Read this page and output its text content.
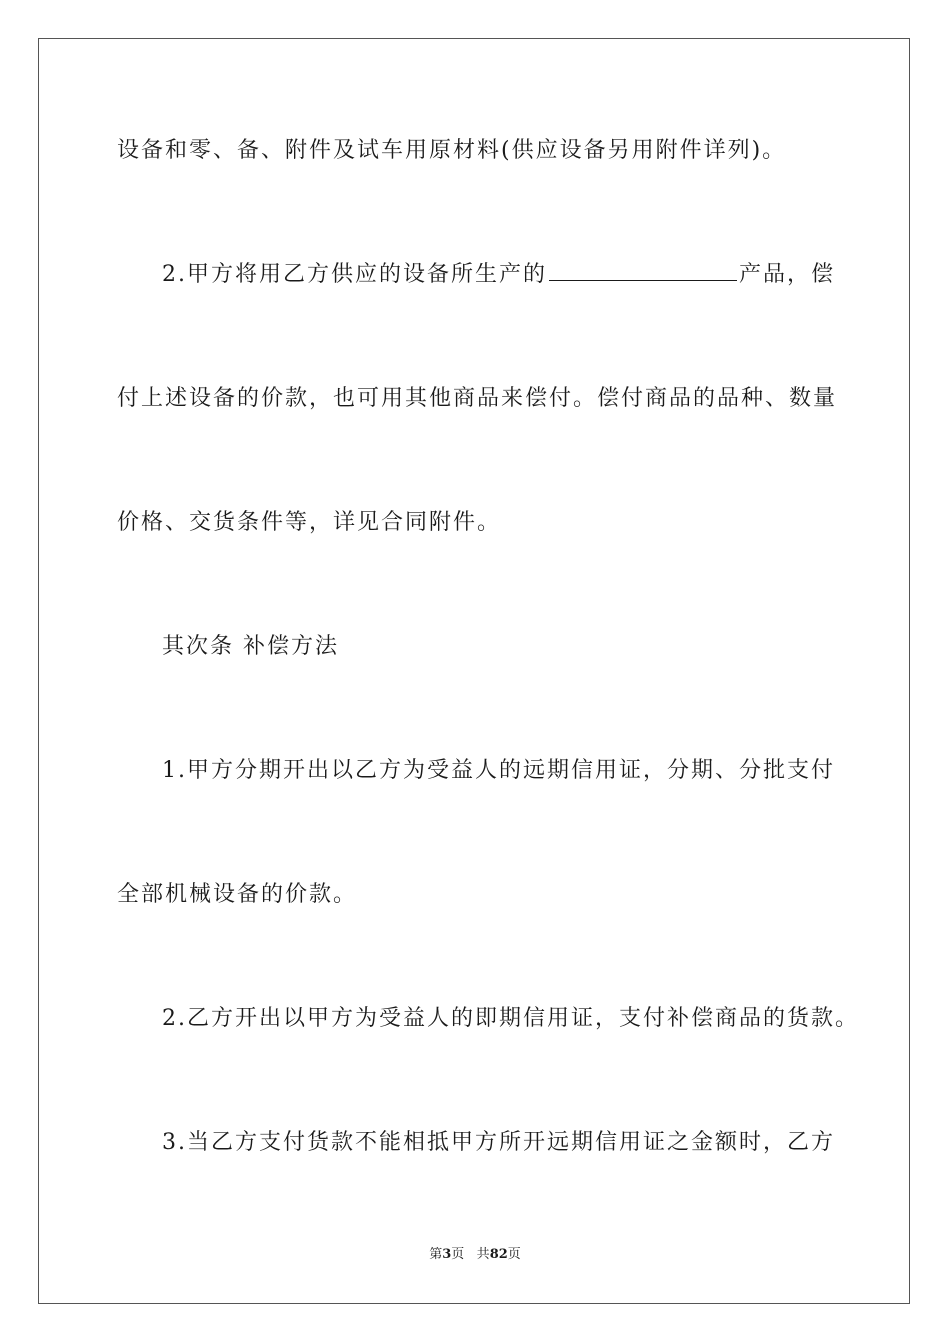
设备和零、备、附件及试车用原材料(供应设备另用附件详列)。
2.甲方将用乙方供应的设备所生产的	产品，偿
付上述设备的价款，也可用其他商品来偿付。偿付商品的品种、数量
价格、交货条件等，详见合同附件。
其次条 补偿方法
1.甲方分期开出以乙方为受益人的远期信用证，分期、分批支付
全部机械设备的价款。
2.乙方开出以甲方为受益人的即期信用证，支付补偿商品的货款。
3.当乙方支付货款不能相抵甲方所开远期信用证之金额时，乙方
第3页 共82页
